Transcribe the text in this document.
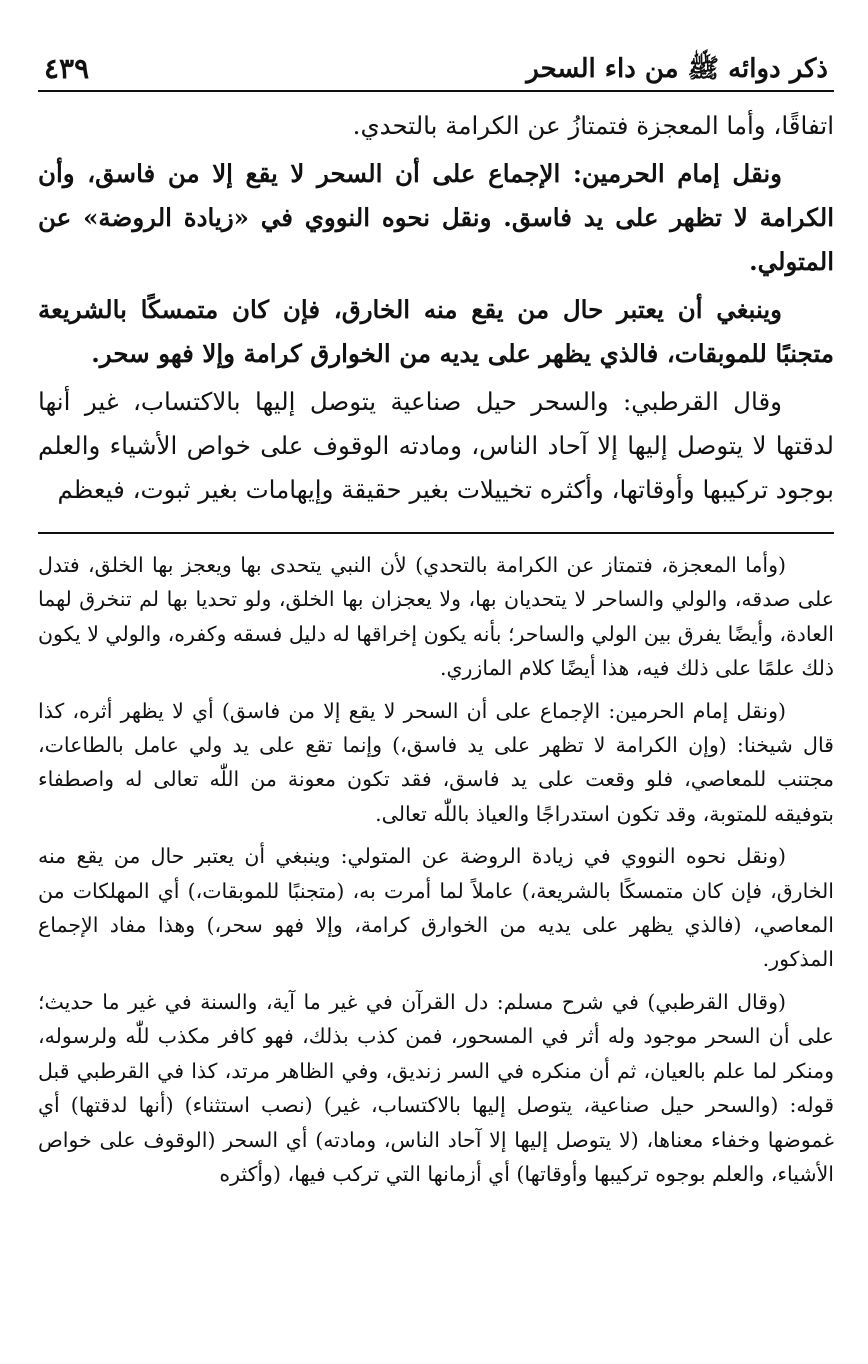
ذكر دوائه ﷺ من داء السحر
٤٣٩

اتفاقًا، وأما المعجزة فتمتازُ عن الكرامة بالتحدي.

ونقل إمام الحرمين: الإجماع على أن السحر لا يقع إلا من فاسق، وأن الكرامة لا تظهر على يد فاسق. ونقل نحوه النووي في «زيادة الروضة» عن المتولي.

وينبغي أن يعتبر حال من يقع منه الخارق، فإن كان متمسكًا بالشريعة متجنبًا للموبقات، فالذي يظهر على يديه من الخوارق كرامة وإلا فهو سحر.

وقال القرطبي: والسحر حيل صناعية يتوصل إليها بالاكتساب، غير أنها لدقتها لا يتوصل إليها إلا آحاد الناس، ومادته الوقوف على خواص الأشياء والعلم بوجود تركيبها وأوقاتها، وأكثره تخييلات بغير حقيقة وإيهامات بغير ثبوت، فيعظم

(وأما المعجزة، فتمتاز عن الكرامة بالتحدي) لأن النبي يتحدى بها ويعجز بها الخلق، فتدل على صدقه، والولي والساحر لا يتحديان بها، ولا يعجزان بها الخلق، ولو تحديا بها لم تنخرق لهما العادة، وأيضًا يفرق بين الولي والساحر؛ بأنه يكون إخراقها له دليل فسقه وكفره، والولي لا يكون ذلك علمًا على ذلك فيه، هذا أيضًا كلام المازري.

(ونقل إمام الحرمين: الإجماع على أن السحر لا يقع إلا من فاسق) أي لا يظهر أثره، كذا قال شيخنا: (وإن الكرامة لا تظهر على يد فاسق،) وإنما تقع على يد ولي عامل بالطاعات، مجتنب للمعاصي، فلو وقعت على يد فاسق، فقد تكون معونة من اللّٰه تعالى له واصطفاء بتوفيقه للمتوبة، وقد تكون استدراجًا والعياذ باللّٰه تعالى.

(ونقل نحوه النووي في زيادة الروضة عن المتولي: وينبغي أن يعتبر حال من يقع منه الخارق، فإن كان متمسكًا بالشريعة،) عاملاً لما أمرت به، (متجنبًا للموبقات،) أي المهلكات من المعاصي، (فالذي يظهر على يديه من الخوارق كرامة، وإلا فهو سحر،) وهذا مفاد الإجماع المذكور.

(وقال القرطبي) في شرح مسلم: دل القرآن في غير ما آية، والسنة في غير ما حديث؛ على أن السحر موجود وله أثر في المسحور، فمن كذب بذلك، فهو كافر مكذب للّٰه ولرسوله، ومنكر لما علم بالعيان، ثم أن منكره في السر زنديق، وفي الظاهر مرتد، كذا في القرطبي قبل قوله: (والسحر حيل صناعية، يتوصل إليها بالاكتساب، غير) (نصب استثناء) (أنها لدقتها) أي غموضها وخفاء معناها، (لا يتوصل إليها إلا آحاد الناس، ومادته) أي السحر (الوقوف على خواص الأشياء، والعلم بوجوه تركيبها وأوقاتها) أي أزمانها التي تركب فيها، (وأكثره
